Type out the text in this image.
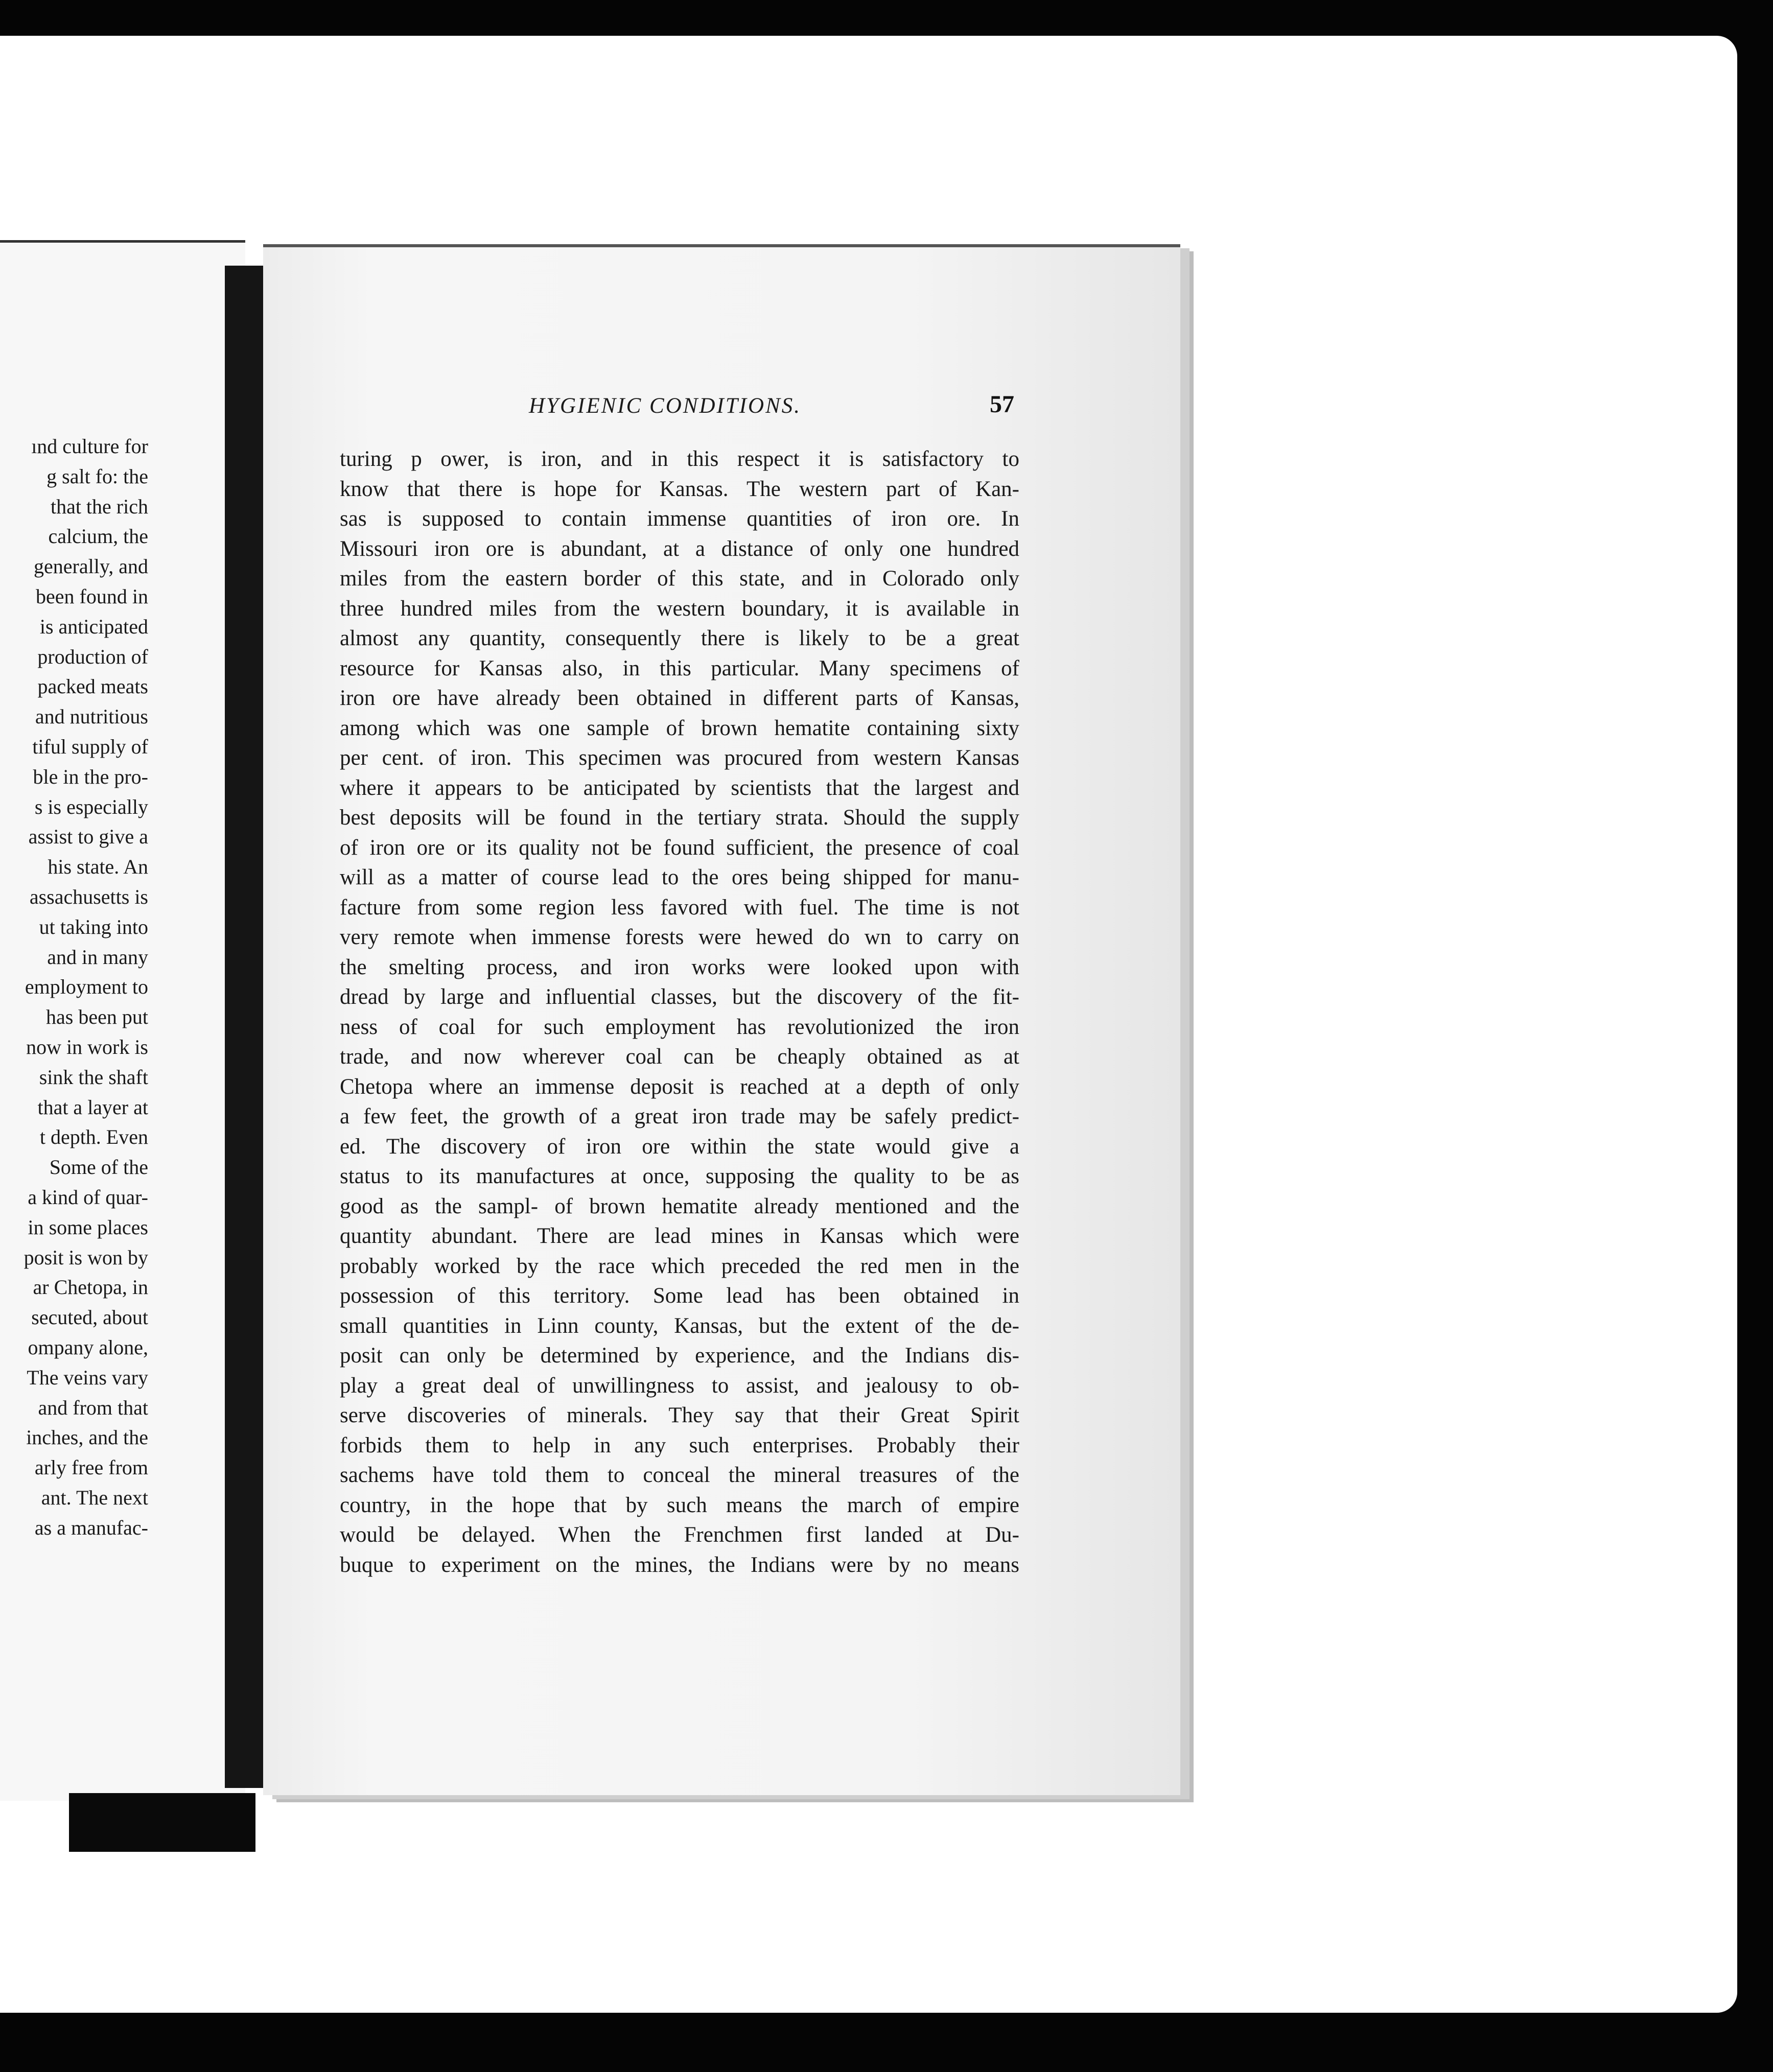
ınd culture for
g salt fo: the
that the rich
calcium, the
generally, and
been found in
is anticipated
production of
packed meats
and nutritious
tiful supply of
ble in the pro-
s is especially
assist to give a
his state. An
assachusetts is
ut taking into
and in many
employment to
has been put
now in work is
sink the shaft
that a layer at
t depth. Even
Some of the
a kind of quar-
in some places
posit is won by
ar Chetopa, in
secuted, about
ompany alone,
The veins vary
and from that
inches, and the
arly free from
ant. The next
as a manufac-
HYGIENIC CONDITIONS.	57
turing p ower, is iron, and in this respect it is satisfactory to
know that there is hope for Kansas. The western part of Kan-
sas is supposed to contain immense quantities of iron ore. In
Missouri iron ore is abundant, at a distance of only one hundred
miles from the eastern border of this state, and in Colorado only
three hundred miles from the western boundary, it is available in
almost any quantity, consequently there is likely to be a great
resource for Kansas also, in this particular. Many specimens of
iron ore have already been obtained in different parts of Kansas,
among which was one sample of brown hematite containing sixty
per cent. of iron. This specimen was procured from western Kansas
where it appears to be anticipated by scientists that the largest and
best deposits will be found in the tertiary strata. Should the supply
of iron ore or its quality not be found sufficient, the presence of coal
will as a matter of course lead to the ores being shipped for manu-
facture from some region less favored with fuel. The time is not
very remote when immense forests were hewed do wn to carry on
the smelting process, and iron works were looked upon with
dread by large and influential classes, but the discovery of the fit-
ness of coal for such employment has revolutionized the iron
trade, and now wherever coal can be cheaply obtained as at
Chetopa where an immense deposit is reached at a depth of only
a few feet, the growth of a great iron trade may be safely predict-
ed. The discovery of iron ore within the state would give a
status to its manufactures at once, supposing the quality to be as
good as the sampl- of brown hematite already mentioned and the
quantity abundant. There are lead mines in Kansas which were
probably worked by the race which preceded the red men in the
possession of this territory. Some lead has been obtained in
small quantities in Linn county, Kansas, but the extent of the de-
posit can only be determined by experience, and the Indians dis-
play a great deal of unwillingness to assist, and jealousy to ob-
serve discoveries of minerals. They say that their Great Spirit
forbids them to help in any such enterprises. Probably their
sachems have told them to conceal the mineral treasures of the
country, in the hope that by such means the march of empire
would be delayed. When the Frenchmen first landed at Du-
buque to experiment on the mines, the Indians were by no means
